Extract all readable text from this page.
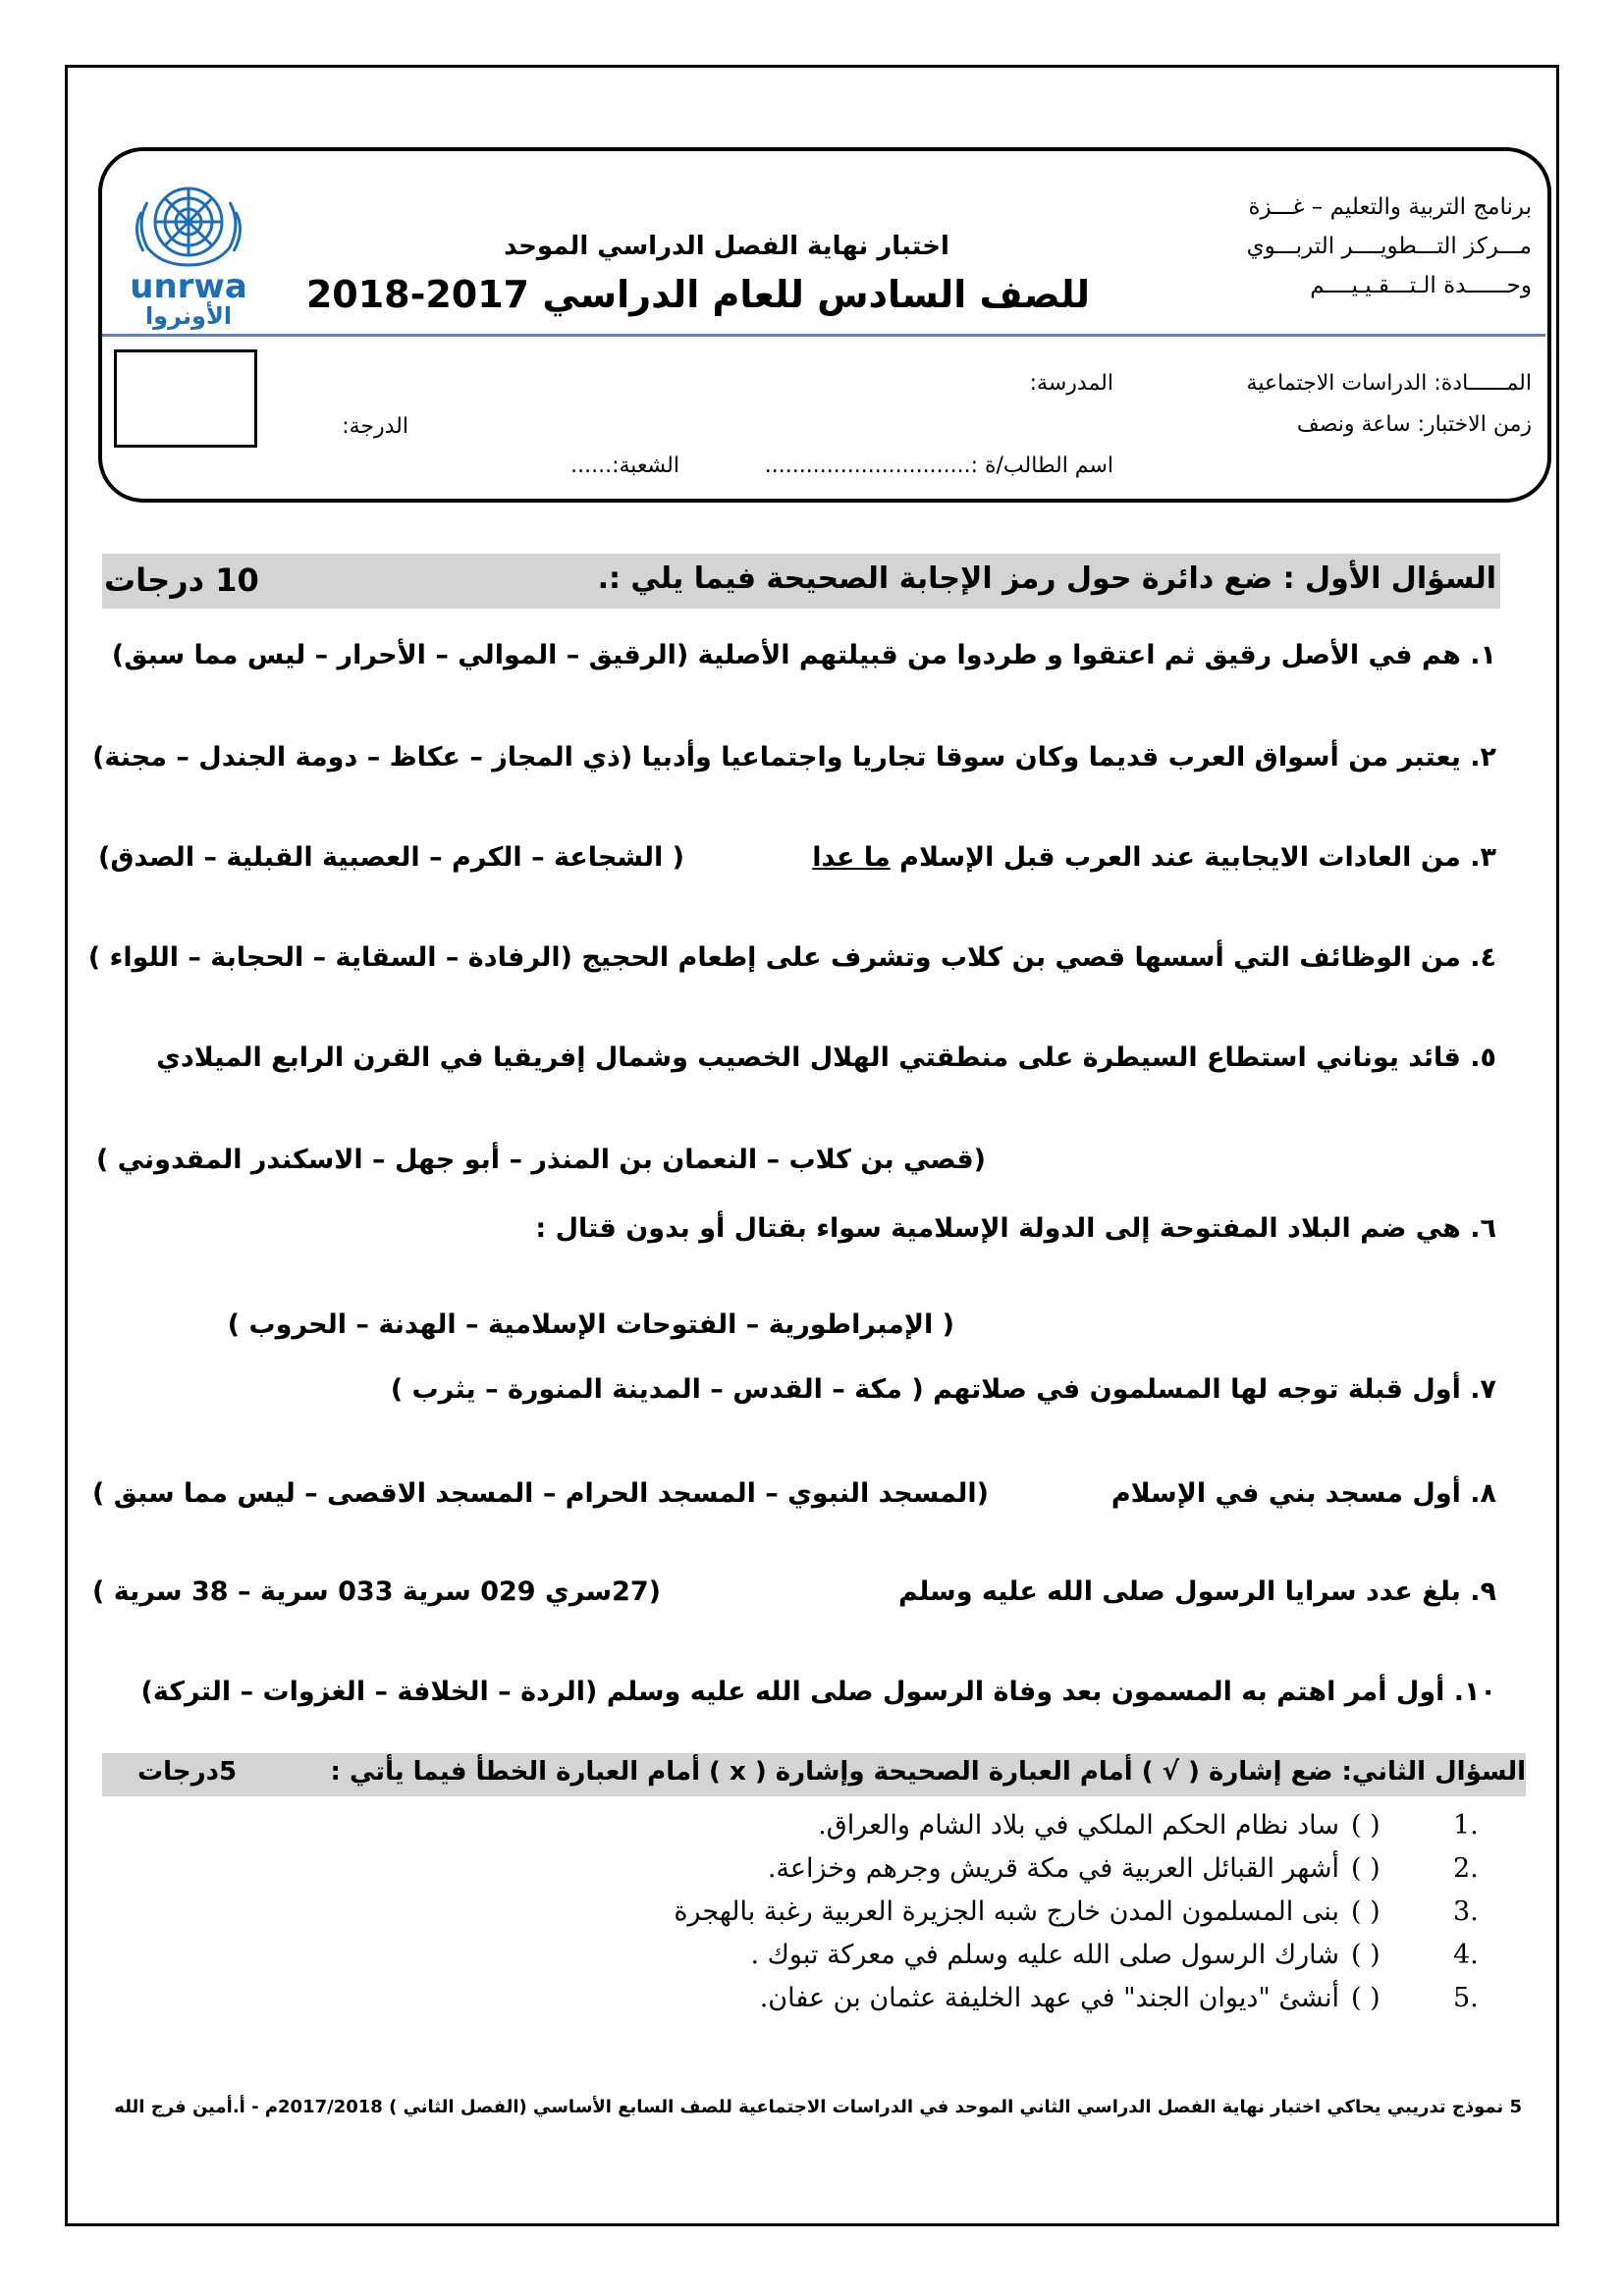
برنامج التربية والتعليم – غـــزة
مـــركز التـــطويــــر التربـــوي
وحــــــدة الـتـــقـيـيــــم
اختبار نهاية الفصل الدراسي الموحد
للصف السادس للعام الدراسي 2017-2018
unrwa
الأونروا
المــــــادة: الدراسات الاجتماعية
المدرسة:
زمن الاختبار: ساعة ونصف
الدرجة:
اسم الطالب/ة :..............................
الشعبة:......
السؤال الأول : ضع دائرة حول رمز الإجابة الصحيحة فيما يلي :.
10 درجات
١. هم في الأصل رقيق ثم اعتقوا و طردوا من قبيلتهم الأصلية (الرقيق – الموالي – الأحرار – ليس مما سبق)
٢. يعتبر من أسواق العرب قديما وكان سوقا تجاريا واجتماعيا وأدبيا (ذي المجاز – عكاظ – دومة الجندل – مجنة)
٣. من العادات الايجابية عند العرب قبل الإسلام ما عدا
( الشجاعة – الكرم – العصبية القبلية – الصدق)
٤. من الوظائف التي أسسها قصي بن كلاب وتشرف على إطعام الحجيج (الرفادة – السقاية – الحجابة – اللواء )
٥. قائد يوناني استطاع السيطرة على منطقتي الهلال الخصيب وشمال إفريقيا في القرن الرابع الميلادي
(قصي بن كلاب – النعمان بن المنذر – أبو جهل – الاسكندر المقدوني )
٦. هي ضم البلاد المفتوحة إلى الدولة الإسلامية سواء بقتال أو بدون قتال :
( الإمبراطورية – الفتوحات الإسلامية – الهدنة – الحروب )
٧. أول قبلة توجه لها المسلمون في صلاتهم ( مكة – القدس – المدينة المنورة – يثرب )
٨. أول مسجد بني في الإسلام
(المسجد النبوي – المسجد الحرام – المسجد الاقصى – ليس مما سبق )
٩. بلغ عدد سرايا الرسول صلى الله عليه وسلم
(27سري 029 سرية 033 سرية – 38 سرية )
١٠. أول أمر اهتم به المسمون بعد وفاة الرسول صلى الله عليه وسلم (الردة – الخلافة – الغزوات – التركة)
السؤال الثاني: ضع إشارة ( √ ) أمام العبارة الصحيحة وإشارة ( x ) أمام العبارة الخطأ فيما يأتي :
5درجات
1.
( )
ساد نظام الحكم الملكي في بلاد الشام والعراق.
2.
( )
أشهر القبائل العربية في مكة قريش وجرهم وخزاعة.
3.
( )
بنى المسلمون المدن خارج شبه الجزيرة العربية رغبة بالهجرة
4.
( )
شارك الرسول صلى الله عليه وسلم في معركة تبوك .
5.
( )
أنشئ "ديوان الجند" في عهد الخليفة عثمان بن عفان.
5 نموذج تدريبي يحاكي اختبار نهاية الفصل الدراسي الثاني الموحد في الدراسات الاجتماعية للصف السابع الأساسي (الفصل الثاني ) 2017/2018م - أ.أمين فرج الله
